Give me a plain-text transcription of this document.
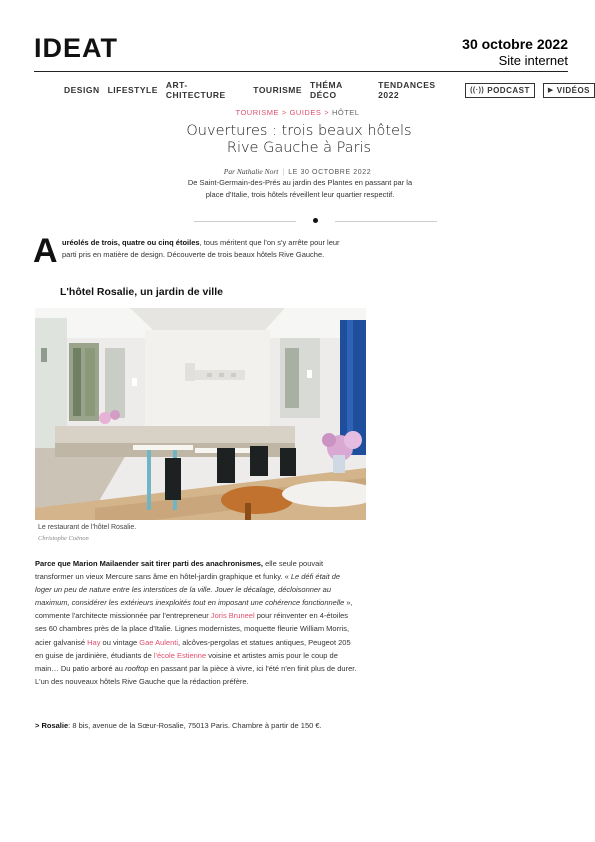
IDEAT	30 octobre 2022
Site internet
DESIGN LIFESTYLE ART-CHITECTURE	TOURISME THÉMA DÉCO
TENDANCES 2022	((·)) PODCAST	▶ VIDÉOS
TOURISME > GUIDES > HÔTEL
Ouvertures : trois beaux hôtels Rive Gauche à Paris
Par Nathalie Nort | LE 30 OCTOBRE 2022
De Saint-Germain-des-Prés au jardin des Plantes en passant par la place d'Italie, trois hôtels réveillent leur quartier respectif.
A uréolés de trois, quatre ou cinq étoiles, tous méritent que l'on s'y arrête pour leur parti pris en matière de design. Découverte de trois beaux hôtels Rive Gauche.
L'hôtel Rosalie, un jardin de ville
Le restaurant de l'hôtel Rosalie.
Christophe Coënon
Parce que Marion Mailaender sait tirer parti des anachronismes, elle seule pouvait transformer un vieux Mercure sans âme en hôtel-jardin graphique et funky. « Le défi était de loger un peu de nature entre les interstices de la ville. Jouer le décalage, décloisonner au maximum, considérer les extérieurs inexploités tout en imposant une cohérence fonctionnelle », commente l'architecte missionnée par l'entrepreneur Joris Bruneel pour réinventer en 4-étoiles ses 60 chambres près de la place d'Italie. Lignes modernistes, moquette fleurie William Morris, acier galvanisé Hay ou vintage Gae Aulenti, alcôves-pergolas et statues antiques, Peugeot 205 en guise de jardinière, étudiants de l'école Estienne voisine et artistes amis pour le coup de main… Du patio arboré au rooftop en passant par la pièce à vivre, ici l'été n'en finit plus de durer. L'un des nouveaux hôtels Rive Gauche que la rédaction préfère.
> Rosalie: 8 bis, avenue de la Sœur-Rosalie, 75013 Paris. Chambre à partir de 150 €.
